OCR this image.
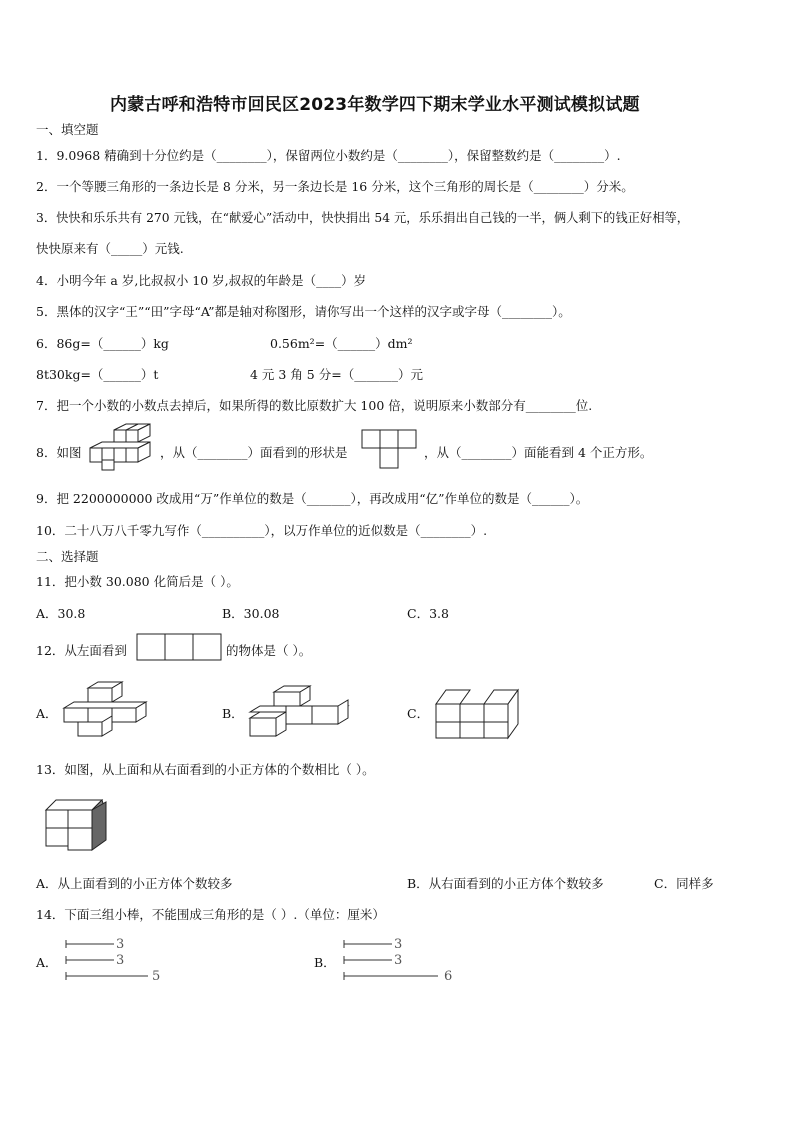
内蒙古呼和浩特市回民区2023年数学四下期末学业水平测试模拟试题
一、填空题
1．9.0968 精确到十分位约是（________），保留两位小数约是（________），保留整数约是（________）.
2．一个等腰三角形的一条边长是 8 分米，另一条边长是 16 分米，这个三角形的周长是（________）分米。
3．快快和乐乐共有 270 元钱，在“献爱心”活动中，快快捐出 54 元，乐乐捐出自己钱的一半，俩人剩下的钱正好相等，
快快原来有（_____）元钱.
4．小明今年 a 岁,比叔叔小 10 岁,叔叔的年龄是（____）岁
5．黑体的汉字“王”“田”字母“A”都是轴对称图形，请你写出一个这样的汉字或字母（________）。
6．86g=（______）kg	0.56m²=（______）dm²
8t30kg=（______）t	4 元 3 角 5 分=（_______）元
7．把一个小数的小数点去掉后，如果所得的数比原数扩大 100 倍，说明原来小数部分有________位.
8．如图	，从（________）面看到的形状是	，从（________）面能看到 4 个正方形。
9．把 2200000000 改成用“万”作单位的数是（_______），再改成用“亿”作单位的数是（______）。
10．二十八万八千零九写作（__________），以万作单位的近似数是（________）.
二、选择题
11．把小数 30.080 化简后是（ ）。
A．30.8	B．30.08	C．3.8
12．从左面看到	的物体是（ ）。
A．	B．	C．
13．如图，从上面和从右面看到的小正方体的个数相比（ ）。
A．从上面看到的小正方体个数较多	B．从右面看到的小正方体个数较多	C．同样多
14．下面三组小棒，不能围成三角形的是（ ）.（单位：厘米）
A．
3
3
5
B．
3
3
6
